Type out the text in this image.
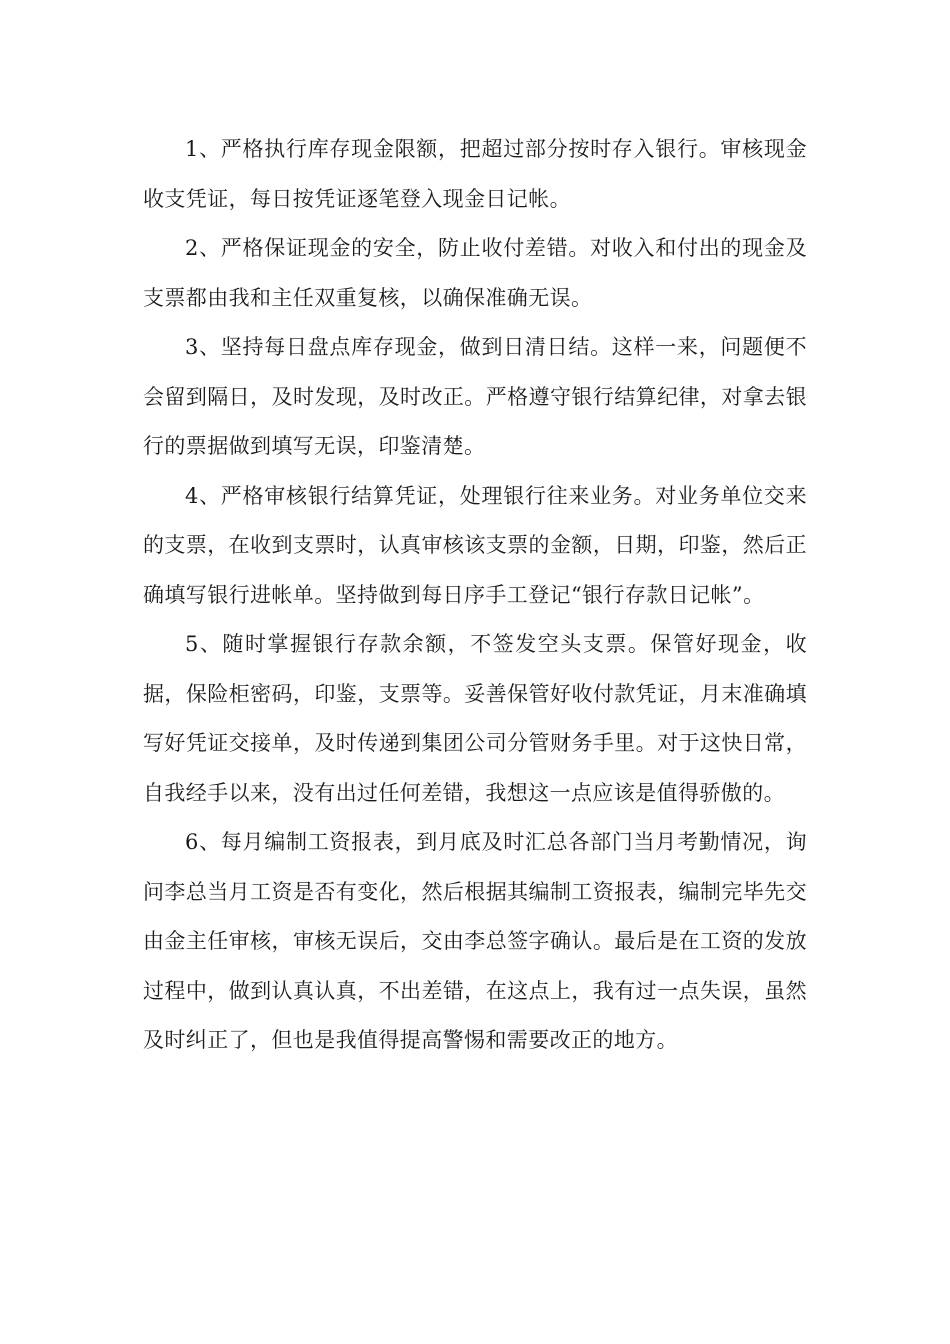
1、严格执行库存现金限额，把超过部分按时存入银行。审核现金收支凭证，每日按凭证逐笔登入现金日记帐。

2、严格保证现金的安全，防止收付差错。对收入和付出的现金及支票都由我和主任双重复核，以确保准确无误。

3、坚持每日盘点库存现金，做到日清日结。这样一来，问题便不会留到隔日，及时发现，及时改正。严格遵守银行结算纪律，对拿去银行的票据做到填写无误，印鉴清楚。

4、严格审核银行结算凭证，处理银行往来业务。对业务单位交来的支票，在收到支票时，认真审核该支票的金额，日期，印鉴，然后正确填写银行进帐单。坚持做到每日序手工登记“银行存款日记帐”。

5、随时掌握银行存款余额，不签发空头支票。保管好现金，收据，保险柜密码，印鉴，支票等。妥善保管好收付款凭证，月末准确填写好凭证交接单，及时传递到集团公司分管财务手里。对于这快日常，自我经手以来，没有出过任何差错，我想这一点应该是值得骄傲的。

6、每月编制工资报表，到月底及时汇总各部门当月考勤情况，询问李总当月工资是否有变化，然后根据其编制工资报表，编制完毕先交由金主任审核，审核无误后，交由李总签字确认。最后是在工资的发放过程中，做到认真认真，不出差错，在这点上，我有过一点失误，虽然及时纠正了，但也是我值得提高警惕和需要改正的地方。
